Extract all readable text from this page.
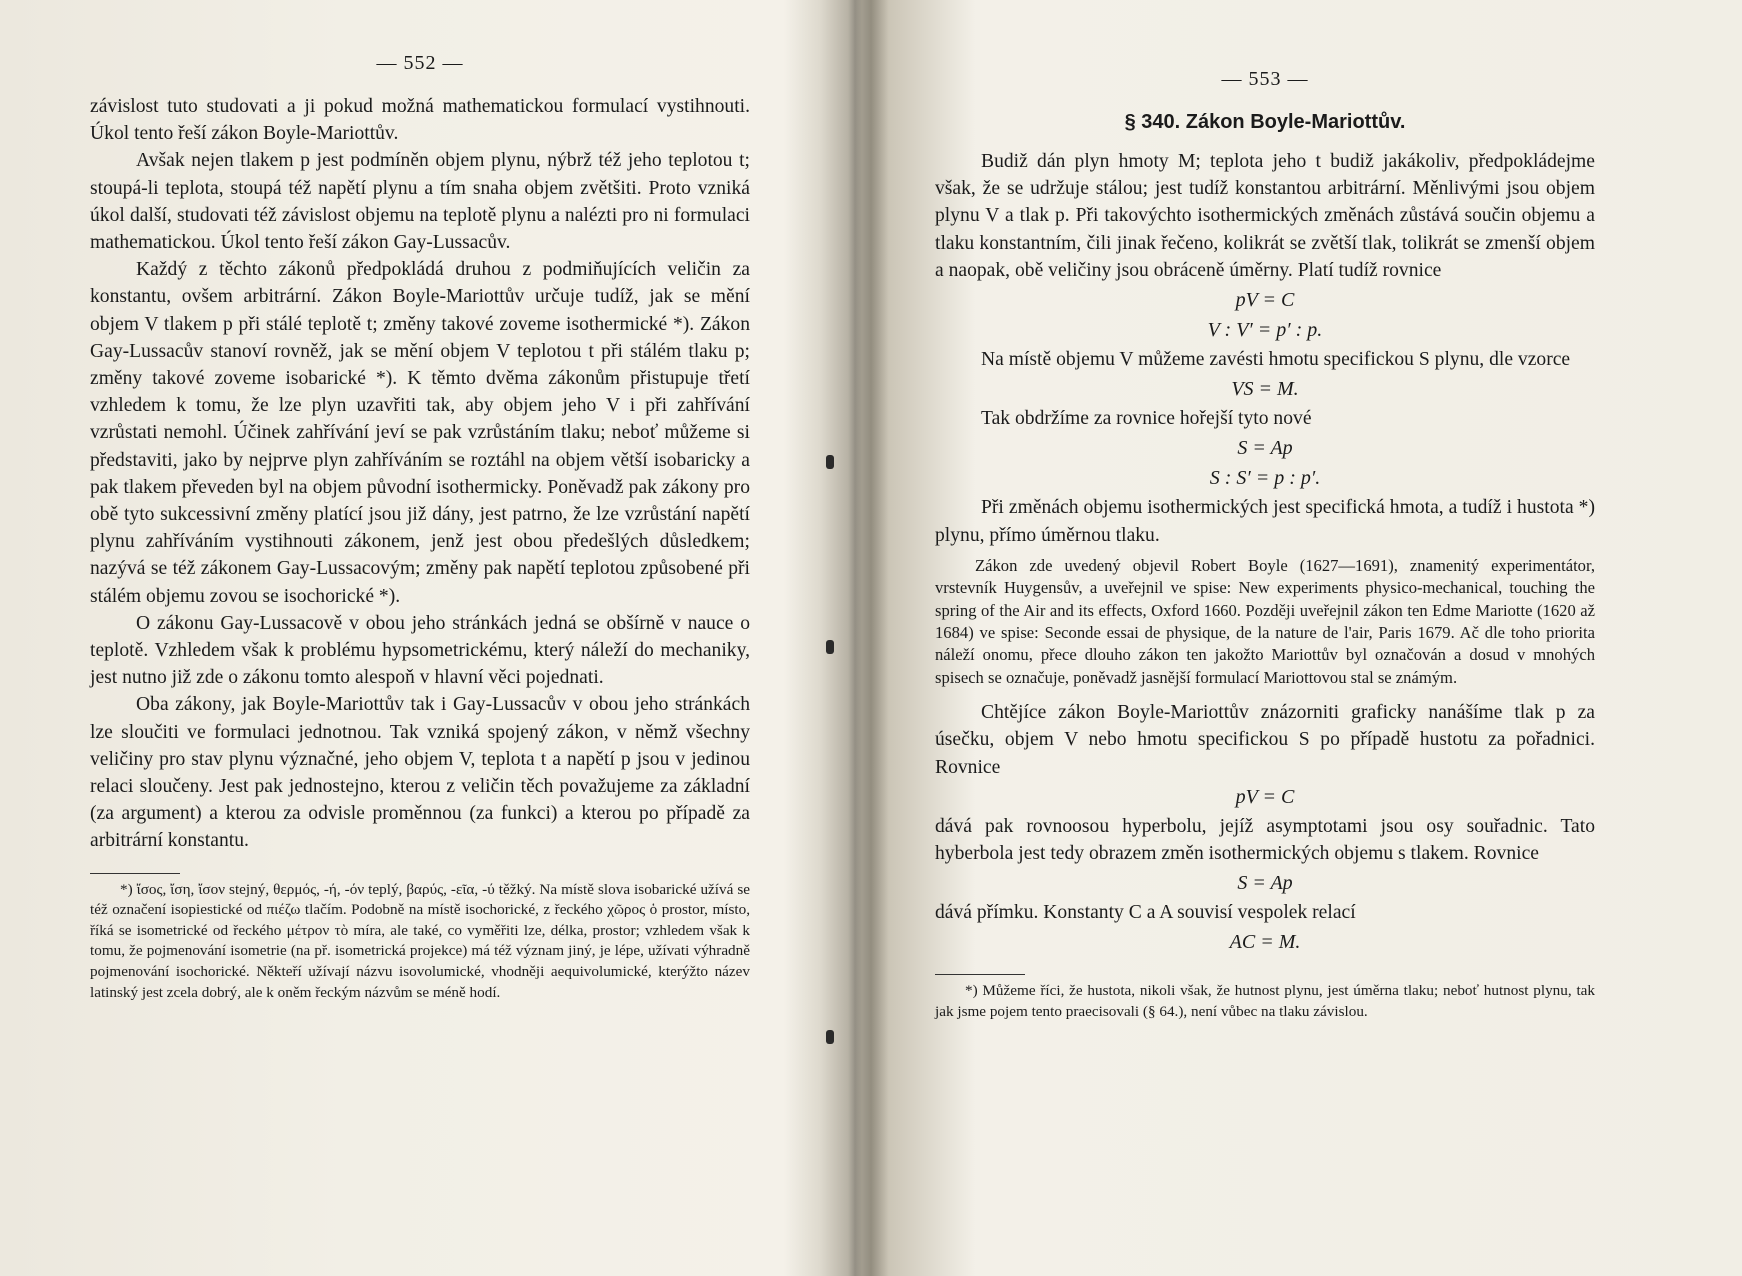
— 552 —

závislost tuto studovati a ji pokud možná mathematickou formulací vystihnouti. Úkol tento řeší zákon Boyle-Mariottův.

Avšak nejen tlakem p jest podmíněn objem plynu, nýbrž též jeho teplotou t; stoupá-li teplota, stoupá též napětí plynu a tím snaha objem zvětšiti. Proto vzniká úkol další, studovati též závislost objemu na teplotě plynu a nalézti pro ni formulaci mathematickou. Úkol tento řeší zákon Gay-Lussacův.

Každý z těchto zákonů předpokládá druhou z podmiňujících veličin za konstantu, ovšem arbitrární. Zákon Boyle-Mariottův určuje tudíž, jak se mění objem V tlakem p při stálé teplotě t; změny takové zoveme isothermické *). Zákon Gay-Lussacův stanoví rovněž, jak se mění objem V teplotou t při stálém tlaku p; změny takové zoveme isobarické *). K těmto dvěma zákonům přistupuje třetí vzhledem k tomu, že lze plyn uzavřiti tak, aby objem jeho V i při zahřívání vzrůstati nemohl. Účinek zahřívání jeví se pak vzrůstáním tlaku; neboť můžeme si představiti, jako by nejprve plyn zahříváním se roztáhl na objem větší isobaricky a pak tlakem převeden byl na objem původní isothermicky. Poněvadž pak zákony pro obě tyto sukcessivní změny platící jsou již dány, jest patrno, že lze vzrůstání napětí plynu zahříváním vystihnouti zákonem, jenž jest obou předešlých důsledkem; nazývá se též zákonem Gay-Lussacovým; změny pak napětí teplotou způsobené při stálém objemu zovou se isochorické *).

O zákonu Gay-Lussacově v obou jeho stránkách jedná se obšírně v nauce o teplotě. Vzhledem však k problému hypsometrickému, který náleží do mechaniky, jest nutno již zde o zákonu tomto alespoň v hlavní věci pojednati.

Oba zákony, jak Boyle-Mariottův tak i Gay-Lussacův v obou jeho stránkách lze sloučiti ve formulaci jednotnou. Tak vzniká spojený zákon, v němž všechny veličiny pro stav plynu význačné, jeho objem V, teplota t a napětí p jsou v jedinou relaci sloučeny. Jest pak jednostejno, kterou z veličin těch považujeme za základní (za argument) a kterou za odvisle proměnnou (za funkci) a kterou po případě za arbitrární konstantu.

*) ἴσος, ἴση, ἴσον stejný, θερμός, -ή, -όν teplý, βαρύς, -εῖα, -ύ těžký. Na místě slova isobarické užívá se též označení isopiestické od πιέζω tlačím. Podobně na místě isochorické, z řeckého χῶρος ὁ prostor, místo, říká se isometrické od řeckého μέτρον τὸ míra, ale také, co vyměřiti lze, délka, prostor; vzhledem však k tomu, že pojmenování isometrie (na př. isometrická projekce) má též význam jiný, je lépe, užívati výhradně pojmenování isochorické. Někteří užívají názvu isovolumické, vhodněji aequivolumické, kterýžto název latinský jest zcela dobrý, ale k oněm řeckým názvům se méně hodí.

— 553 —
§ 340. Zákon Boyle-Mariottův.

Budiž dán plyn hmoty M; teplota jeho t budiž jakákoliv, předpokládejme však, že se udržuje stálou; jest tudíž konstantou arbitrární. Měnlivými jsou objem plynu V a tlak p. Při takovýchto isothermických změnách zůstává součin objemu a tlaku konstantním, čili jinak řečeno, kolikrát se zvětší tlak, tolikrát se zmenší objem a naopak, obě veličiny jsou obráceně úměrny. Platí tudíž rovnice

pV = C
V : V′ = p′ : p.

Na místě objemu V můžeme zavésti hmotu specifickou S plynu, dle vzorce

VS = M.

Tak obdržíme za rovnice hořejší tyto nové

S = Ap
S : S′ = p : p′.

Při změnách objemu isothermických jest specifická hmota, a tudíž i hustota *) plynu, přímo úměrnou tlaku.

Zákon zde uvedený objevil Robert Boyle (1627—1691), znamenitý experimentátor, vrstevník Huygensův, a uveřejnil ve spise: New experiments physico-mechanical, touching the spring of the Air and its effects, Oxford 1660. Později uveřejnil zákon ten Edme Mariotte (1620 až 1684) ve spise: Seconde essai de physique, de la nature de l'air, Paris 1679. Ač dle toho priorita náleží onomu, přece dlouho zákon ten jakožto Mariottův byl označován a dosud v mnohých spisech se označuje, poněvadž jasnější formulací Mariottovou stal se známým.

Chtějíce zákon Boyle-Mariottův znázorniti graficky nanášíme tlak p za úsečku, objem V nebo hmotu specifickou S po případě hustotu za pořadnici. Rovnice

pV = C

dává pak rovnoosou hyperbolu, jejíž asymptotami jsou osy souřadnic. Tato hyberbola jest tedy obrazem změn isothermických objemu s tlakem. Rovnice

S = Ap

dává přímku. Konstanty C a A souvisí vespolek relací

AC = M.

*) Můžeme říci, že hustota, nikoli však, že hutnost plynu, jest úměrna tlaku; neboť hutnost plynu, tak jak jsme pojem tento praecisovali (§ 64.), není vůbec na tlaku závislou.
